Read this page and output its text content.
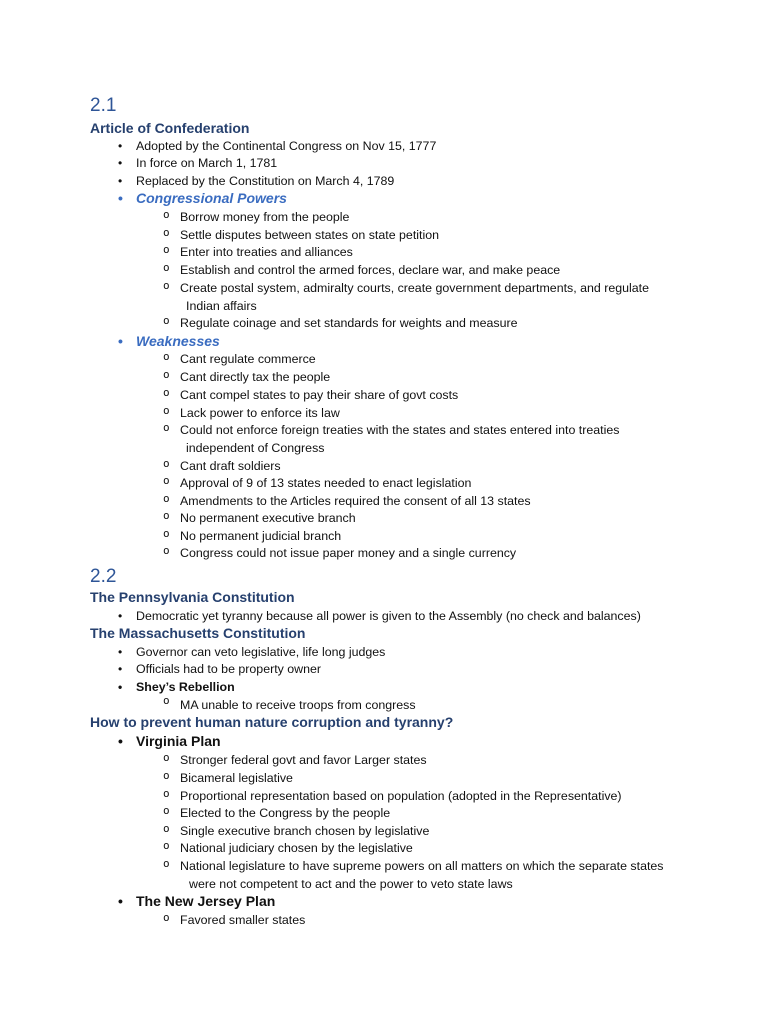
2.1
Article of Confederation
• Adopted by the Continental Congress on Nov 15, 1777
• In force on March 1, 1781
• Replaced by the Constitution on March 4, 1789
• Congressional Powers
o Borrow money from the people
o Settle disputes between states on state petition
o Enter into treaties and alliances
o Establish and control the armed forces, declare war, and make peace
o Create postal system, admiralty courts, create government departments, and regulate
Indian affairs
o Regulate coinage and set standards for weights and measure
• Weaknesses
o Cant regulate commerce
o Cant directly tax the people
o Cant compel states to pay their share of govt costs
o Lack power to enforce its law
o Could not enforce foreign treaties with the states and states entered into treaties
independent of Congress
o Cant draft soldiers
o Approval of 9 of 13 states needed to enact legislation
o Amendments to the Articles required the consent of all 13 states
o No permanent executive branch
o No permanent judicial branch
o Congress could not issue paper money and a single currency
2.2
The Pennsylvania Constitution
• Democratic yet tyranny because all power is given to the Assembly (no check and balances)
The Massachusetts Constitution
• Governor can veto legislative, life long judges
• Officials had to be property owner
• Shey’s Rebellion
o MA unable to receive troops from congress
How to prevent human nature corruption and tyranny?
• Virginia Plan
o Stronger federal govt and favor Larger states
o Bicameral legislative
o Proportional representation based on population (adopted in the Representative)
o Elected to the Congress by the people
o Single executive branch chosen by legislative
o National judiciary chosen by the legislative
o National legislature to have supreme powers on all matters on which the separate states
were not competent to act and the power to veto state laws
• The New Jersey Plan
o Favored smaller states
